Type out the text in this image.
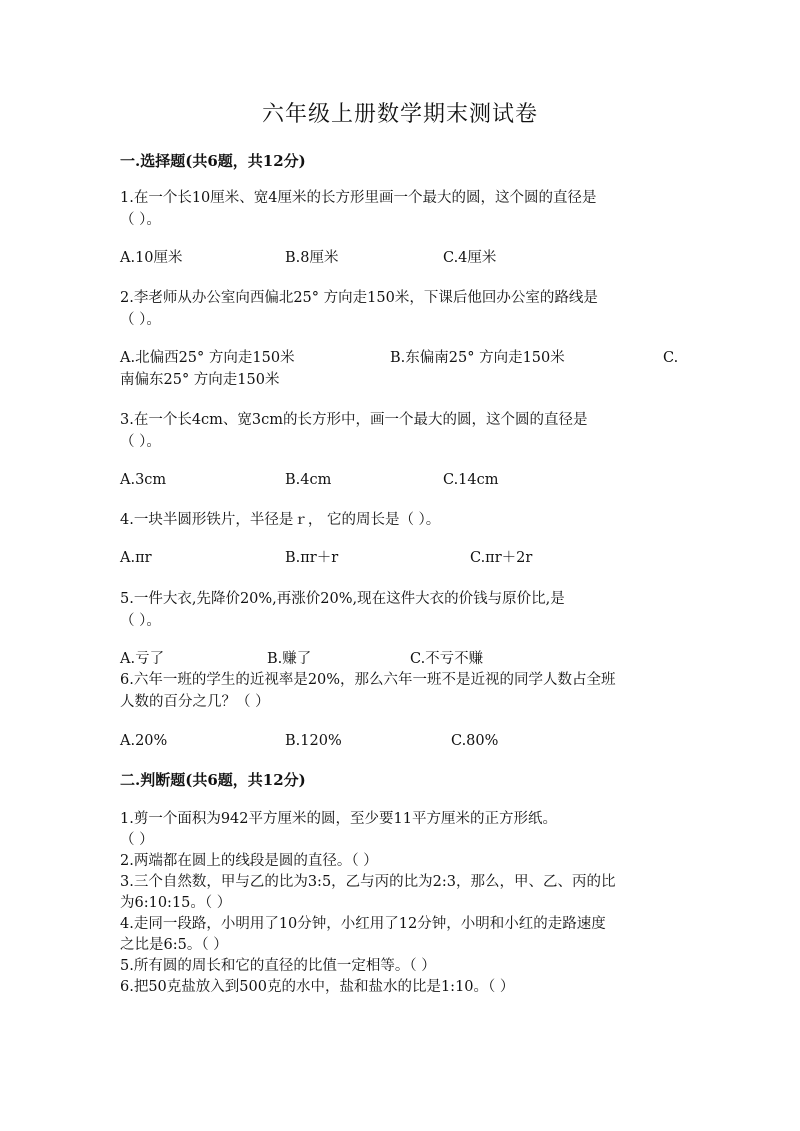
六年级上册数学期末测试卷
一.选择题(共6题，共12分)
1.在一个长10厘米、宽4厘米的长方形里画一个最大的圆，这个圆的直径是
（ ）。
A.10厘米	B.8厘米	C.4厘米
2.李老师从办公室向西偏北25° 方向走150米，下课后他回办公室的路线是
（ ）。
A.北偏西25° 方向走150米	B.东偏南25° 方向走150米	C.
南偏东25° 方向走150米
3.在一个长4cm、宽3cm的长方形中，画一个最大的圆，这个圆的直径是
（ ）。
A.3cm	B.4cm	C.14cm
4.一块半圆形铁片，半径是ｒ， 它的周长是（ ）。
A.πr	B.πr＋r	C.πr＋2r
5.一件大衣,先降价20%,再涨价20%,现在这件大衣的价钱与原价比,是
（ ）。
A.亏了	B.赚了	C.不亏不赚
6.六年一班的学生的近视率是20%，那么六年一班不是近视的同学人数占全班
人数的百分之几？（ ）
A.20%	B.120%	C.80%
二.判断题(共6题，共12分)
1.剪一个面积为942平方厘米的圆，至少要11平方厘米的正方形纸。
（ ）
2.两端都在圆上的线段是圆的直径。（ ）
3.三个自然数，甲与乙的比为3:5，乙与丙的比为2:3，那么，甲、乙、丙的比
为6:10:15。（ ）
4.走同一段路，小明用了10分钟，小红用了12分钟，小明和小红的走路速度
之比是6:5。（ ）
5.所有圆的周长和它的直径的比值一定相等。（ ）
6.把50克盐放入到500克的水中，盐和盐水的比是1:10。（ ）
